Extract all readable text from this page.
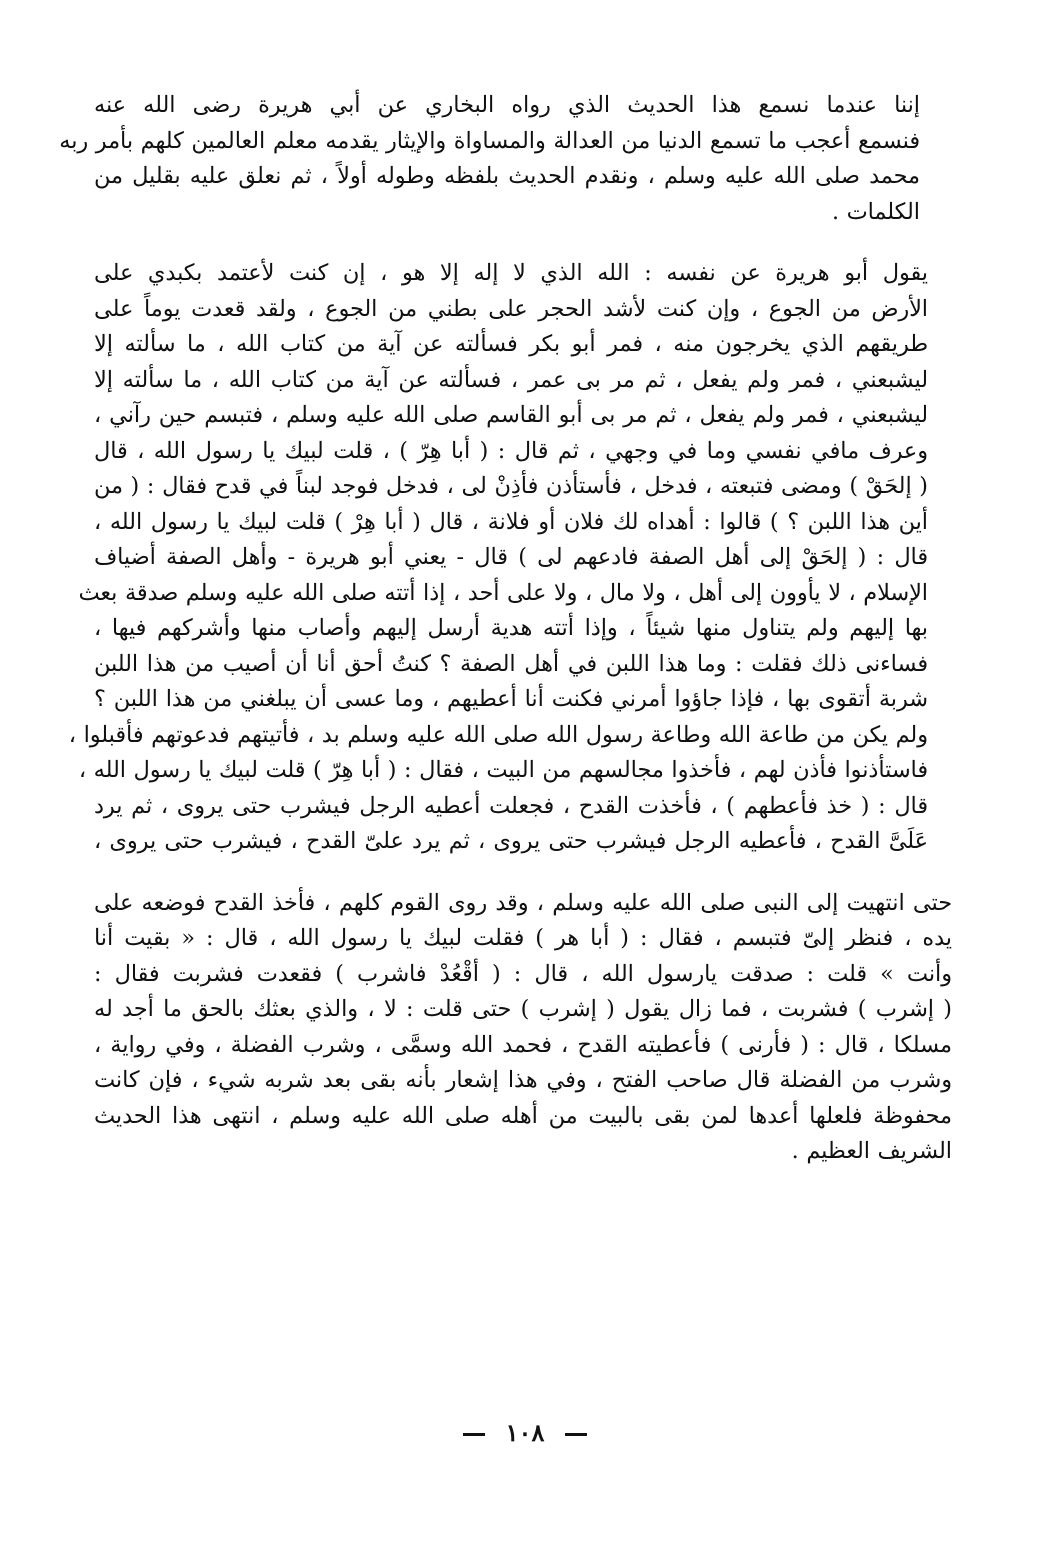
إننا عندما نسمع هذا الحديث الذي رواه البخاري عن أبي هريرة رضى الله عنه
فنسمع أعجب ما تسمع الدنيا من العدالة والمساواة والإيثار يقدمه معلم العالمين كلهم بأمر ربه
محمد صلى الله عليه وسلم ، ونقدم الحديث بلفظه وطوله أولاً ، ثم نعلق عليه بقليل من
الكلمات .

يقول أبو هريرة عن نفسه : الله الذي لا إله إلا هو ، إن كنت لأعتمد بكبدي على
الأرض من الجوع ، وإن كنت لأشد الحجر على بطني من الجوع ، ولقد قعدت يوماً على
طريقهم الذي يخرجون منه ، فمر أبو بكر فسألته عن آية من كتاب الله ، ما سألته إلا
ليشبعني ، فمر ولم يفعل ، ثم مر بى عمر ، فسألته عن آية من كتاب الله ، ما سألته إلا
ليشبعني ، فمر ولم يفعل ، ثم مر بى أبو القاسم صلى الله عليه وسلم ، فتبسم حين رآني ،
وعرف مافي نفسي وما في وجهي ، ثم قال : ( أبا هِرّ ) ، قلت لبيك يا رسول الله ، قال
( إلحَقْ ) ومضى فتبعته ، فدخل ، فأستأذن فأذِنْ لى ، فدخل فوجد لبناً في قدح فقال : ( من
أين هذا اللبن ؟ ) قالوا : أهداه لك فلان أو فلانة ، قال ( أبا هِرْ ) قلت لبيك يا رسول الله ،
قال : ( إلحَقْ إلى أهل الصفة فادعهم لى ) قال - يعني أبو هريرة - وأهل الصفة أضياف
الإسلام ، لا يأوون إلى أهل ، ولا مال ، ولا على أحد ، إذا أتته صلى الله عليه وسلم صدقة بعث
بها إليهم ولم يتناول منها شيئاً ، وإذا أتته هدية أرسل إليهم وأصاب منها وأشركهم فيها ،
فساءنى ذلك فقلت : وما هذا اللبن في أهل الصفة ؟ كنتُ أحق أنا أن أصيب من هذا اللبن
شربة أتقوى بها ، فإذا جاؤوا أمرني فكنت أنا أعطيهم ، وما عسى أن يبلغني من هذا اللبن ؟
ولم يكن من طاعة الله وطاعة رسول الله صلى الله عليه وسلم بد ، فأتيتهم فدعوتهم فأقبلوا ،
فاستأذنوا فأذن لهم ، فأخذوا مجالسهم من البيت ، فقال : ( أبا هِرّ ) قلت لبيك يا رسول الله ،
قال : ( خذ فأعطهم ) ، فأخذت القدح ، فجعلت أعطيه الرجل فيشرب حتى يروى ، ثم يرد
عَلَىَّ القدح ، فأعطيه الرجل فيشرب حتى يروى ، ثم يرد علىّ القدح ، فيشرب حتى يروى ،

حتى انتهيت إلى النبى صلى الله عليه وسلم ، وقد روى القوم كلهم ، فأخذ القدح فوضعه على
يده ، فنظر إلىّ فتبسم ، فقال : ( أبا هر ) فقلت لبيك يا رسول الله ، قال : « بقيت أنا
وأنت » قلت : صدقت يارسول الله ، قال : ( أقْعُدْ فاشرب ) فقعدت فشربت فقال :
( إشرب ) فشربت ، فما زال يقول ( إشرب ) حتى قلت : لا ، والذي بعثك بالحق ما أجد له
مسلكا ، قال : ( فأرنى ) فأعطيته القدح ، فحمد الله وسمَّى ، وشرب الفضلة ، وفي رواية ،
وشرب من الفضلة قال صاحب الفتح ، وفي هذا إشعار بأنه بقى بعد شربه شيء ، فإن كانت
محفوظة فلعلها أعدها لمن بقى بالبيت من أهله صلى الله عليه وسلم ، انتهى هذا الحديث
الشريف العظيم .

١٠٨
